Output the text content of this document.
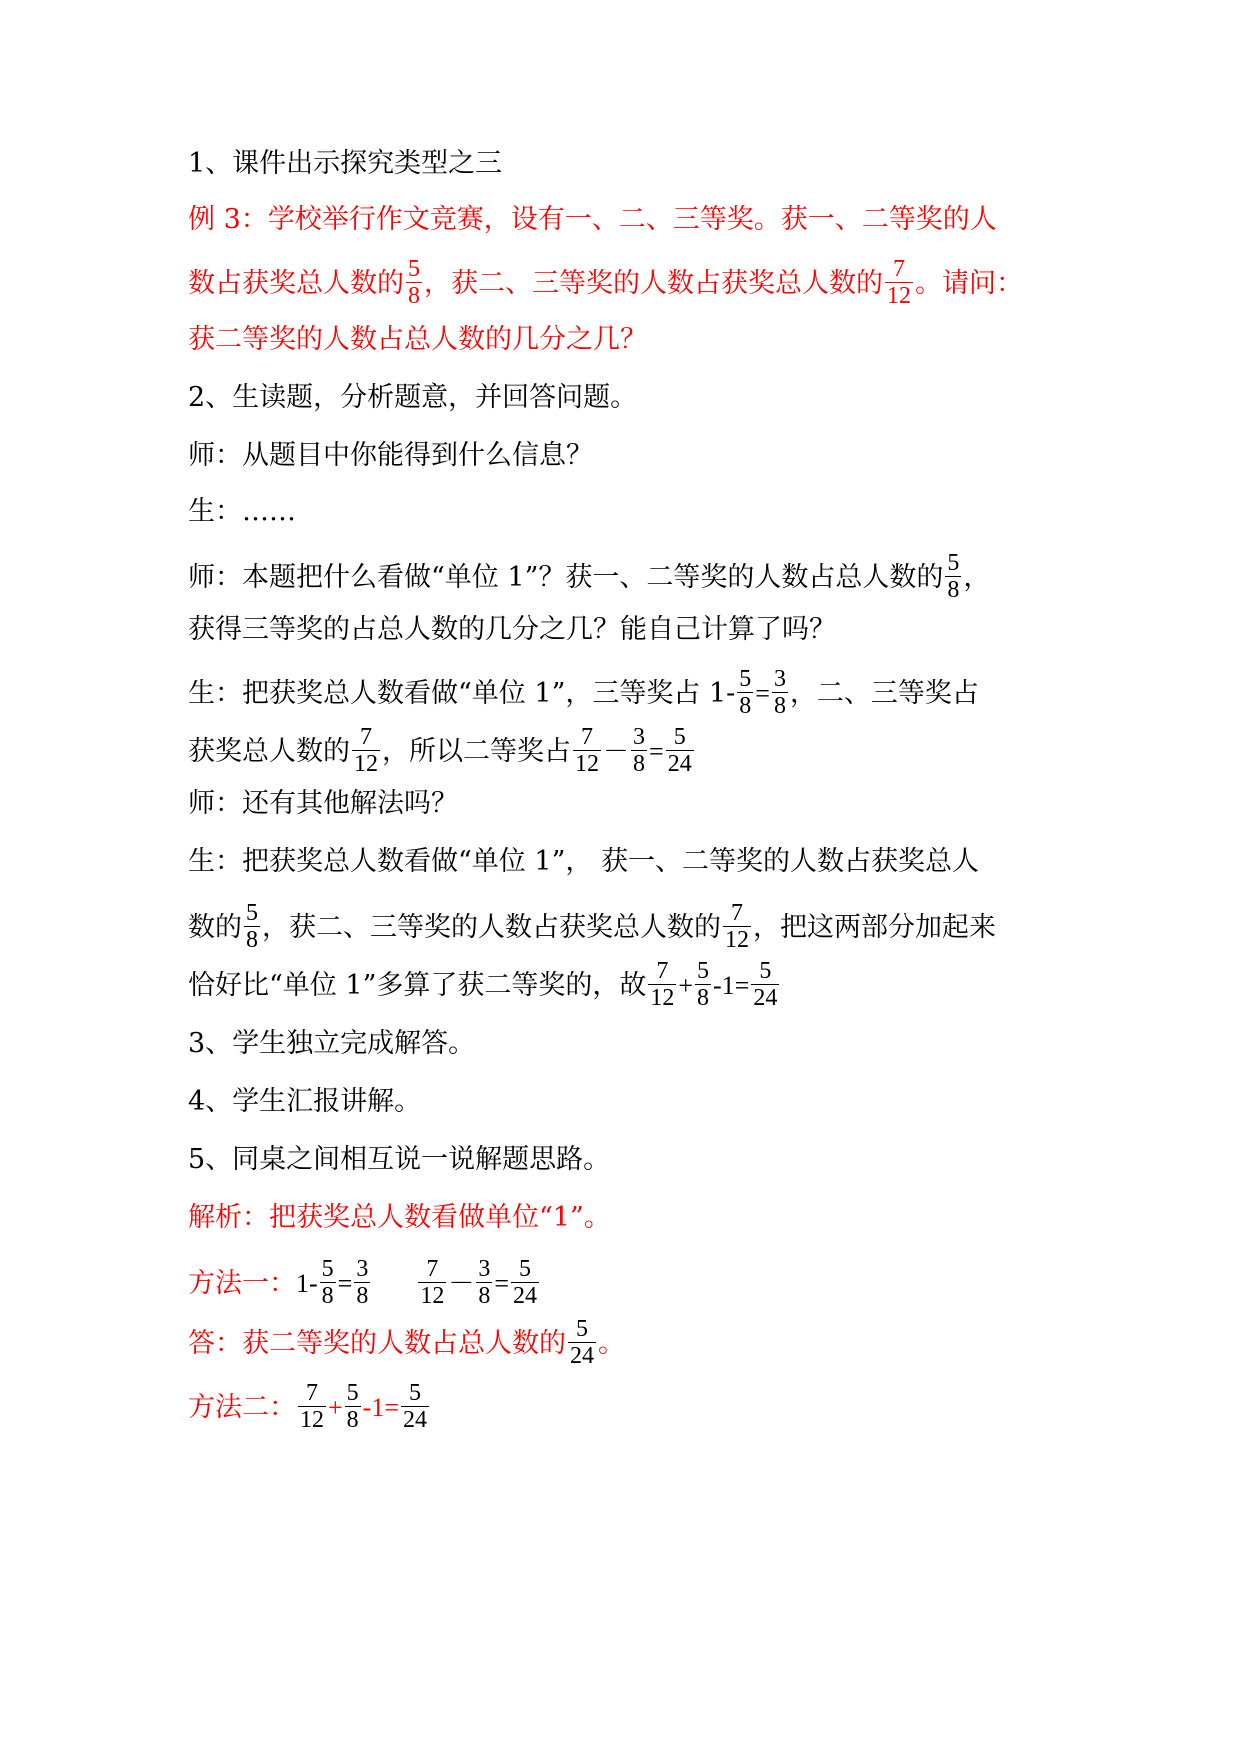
1、课件出示探究类型之三
例 3：学校举行作文竞赛，设有一、二、三等奖。获一、二等奖的人
数占获奖总人数的 $\frac{5}{8}$ ，获二、三等奖的人数占获奖总人数的 $\frac{7}{12}$ 。请问：
获二等奖的人数占总人数的几分之几？
2、生读题，分析题意，并回答问题。
师：从题目中你能得到什么信息？
生：……
师：本题把什么看做“单位 1”？获一、二等奖的人数占总人数的 $\frac{5}{8}$ ，
获得三等奖的占总人数的几分之几？能自己计算了吗？
生：把获奖总人数看做“单位 1”，三等奖占 $1- \frac{5}{8} = \frac{3}{8}$ ，二、三等奖占
获奖总人数的 $\frac{7}{12}$ ，所以二等奖占 $\frac{7}{12} - \frac{3}{8} = \frac{5}{24}$
师：还有其他解法吗？
生：把获奖总人数看做“单位 1”， 获一、二等奖的人数占获奖总人
数的 $\frac{5}{8}$ ，获二、三等奖的人数占获奖总人数的 $\frac{7}{12}$ ，把这两部分加起来
恰好比“单位 1”多算了获二等奖的，故 $\frac{7}{12} + \frac{5}{8} -1= \frac{5}{24}$
3、学生独立完成解答。
4、学生汇报讲解。
5、同桌之间相互说一说解题思路。
解析：把获奖总人数看做单位“1”。
方法一：$1- \frac{5}{8} = \frac{3}{8} \frac{7}{12} - \frac{3}{8} = \frac{5}{24}$
答：获二等奖的人数占总人数的 $\frac{5}{24}$ 。
方法二： $\frac{7}{12} + \frac{5}{8} -1= \frac{5}{24}$
